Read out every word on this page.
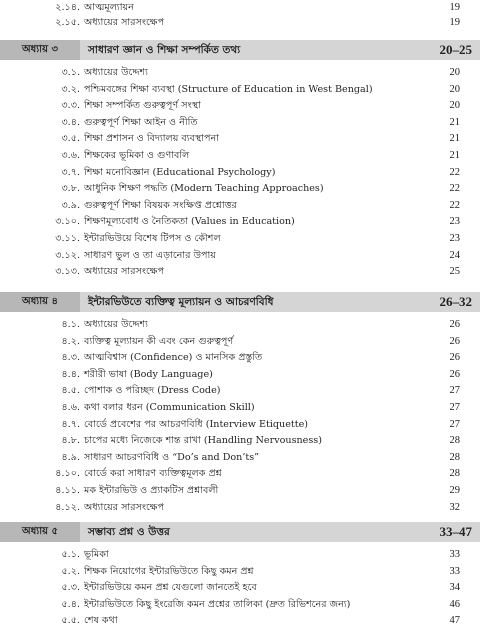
২.১৪. আত্মমূল্যায়ন	19
২.১৫. অধ্যায়ের সারসংক্ষেপ	19
অধ্যায় ৩	সাধারণ জ্ঞান ও শিক্ষা সম্পর্কিত তথ্য	20–25
৩.১. অধ্যায়ের উদ্দেশ্য	20
৩.২. পশ্চিমবঙ্গের শিক্ষা ব্যবস্থা (Structure of Education in West Bengal)	20
৩.৩. শিক্ষা সম্পর্কিত গুরুত্বপূর্ণ সংস্থা	20
৩.৪. গুরুত্বপূর্ণ শিক্ষা আইন ও নীতি	21
৩.৫. শিক্ষা প্রশাসন ও বিদ্যালয় ব্যবস্থাপনা	21
৩.৬. শিক্ষকের ভূমিকা ও গুণাবলি	21
৩.৭. শিক্ষা মনোবিজ্ঞান (Educational Psychology)	22
৩.৮. আধুনিক শিক্ষণ পদ্ধতি (Modern Teaching Approaches)	22
৩.৯. গুরুত্বপূর্ণ শিক্ষা বিষয়ক সংক্ষিপ্ত প্রশ্নোত্তর	22
৩.১০. শিক্ষণমূল্যবোধ ও নৈতিকতা (Values in Education)	23
৩.১১. ইন্টারভিউয়ে বিশেষ টিপস ও কৌশল	23
৩.১২. সাধারণ ভুল ও তা এড়ানোর উপায়	24
৩.১৩. অধ্যায়ের সারসংক্ষেপ	25
অধ্যায় ৪	ইন্টারভিউতে ব্যক্তিত্ব মূল্যায়ন ও আচরণবিধি	26–32
৪.১. অধ্যায়ের উদ্দেশ্য	26
৪.২. ব্যক্তিত্ব মূল্যায়ন কী এবং কেন গুরুত্বপূর্ণ	26
৪.৩. আত্মবিশ্বাস (Confidence) ও মানসিক প্রস্তুতি	26
৪.৪. শরীরী ভাষা (Body Language)	26
৪.৫. পোশাক ও পরিচ্ছদ (Dress Code)	27
৪.৬. কথা বলার ধরন (Communication Skill)	27
৪.৭. বোর্ডে প্রবেশের পর আচরণবিধি (Interview Etiquette)	27
৪.৮. চাপের মধ্যে নিজেকে শান্ত রাখা (Handling Nervousness)	28
৪.৯. সাধারণ আচরণবিধি ও “Do’s and Don’ts”	28
৪.১০. বোর্ডে করা সাধারণ ব্যক্তিত্বমূলক প্রশ্ন	28
৪.১১. মক ইন্টারভিউ ও প্র্যাকটিস প্রশ্নাবলী	29
৪.১২. অধ্যায়ের সারসংক্ষেপ	32
অধ্যায় ৫	সম্ভাব্য প্রশ্ন ও উত্তর	33–47
৫.১. ভূমিকা	33
৫.২. শিক্ষক নিয়োগের ইন্টারভিউতে কিছু কমন প্রশ্ন	33
৫.৩. ইন্টারভিউয়ে কমন প্রশ্ন যেগুলো জানতেই হবে	34
৫.৪. ইন্টারভিউতে কিছু ইংরেজি কমন প্রশ্নের তালিকা (দ্রুত রিভিশনের জন্য)	46
৫.৫. শেষ কথা	47
